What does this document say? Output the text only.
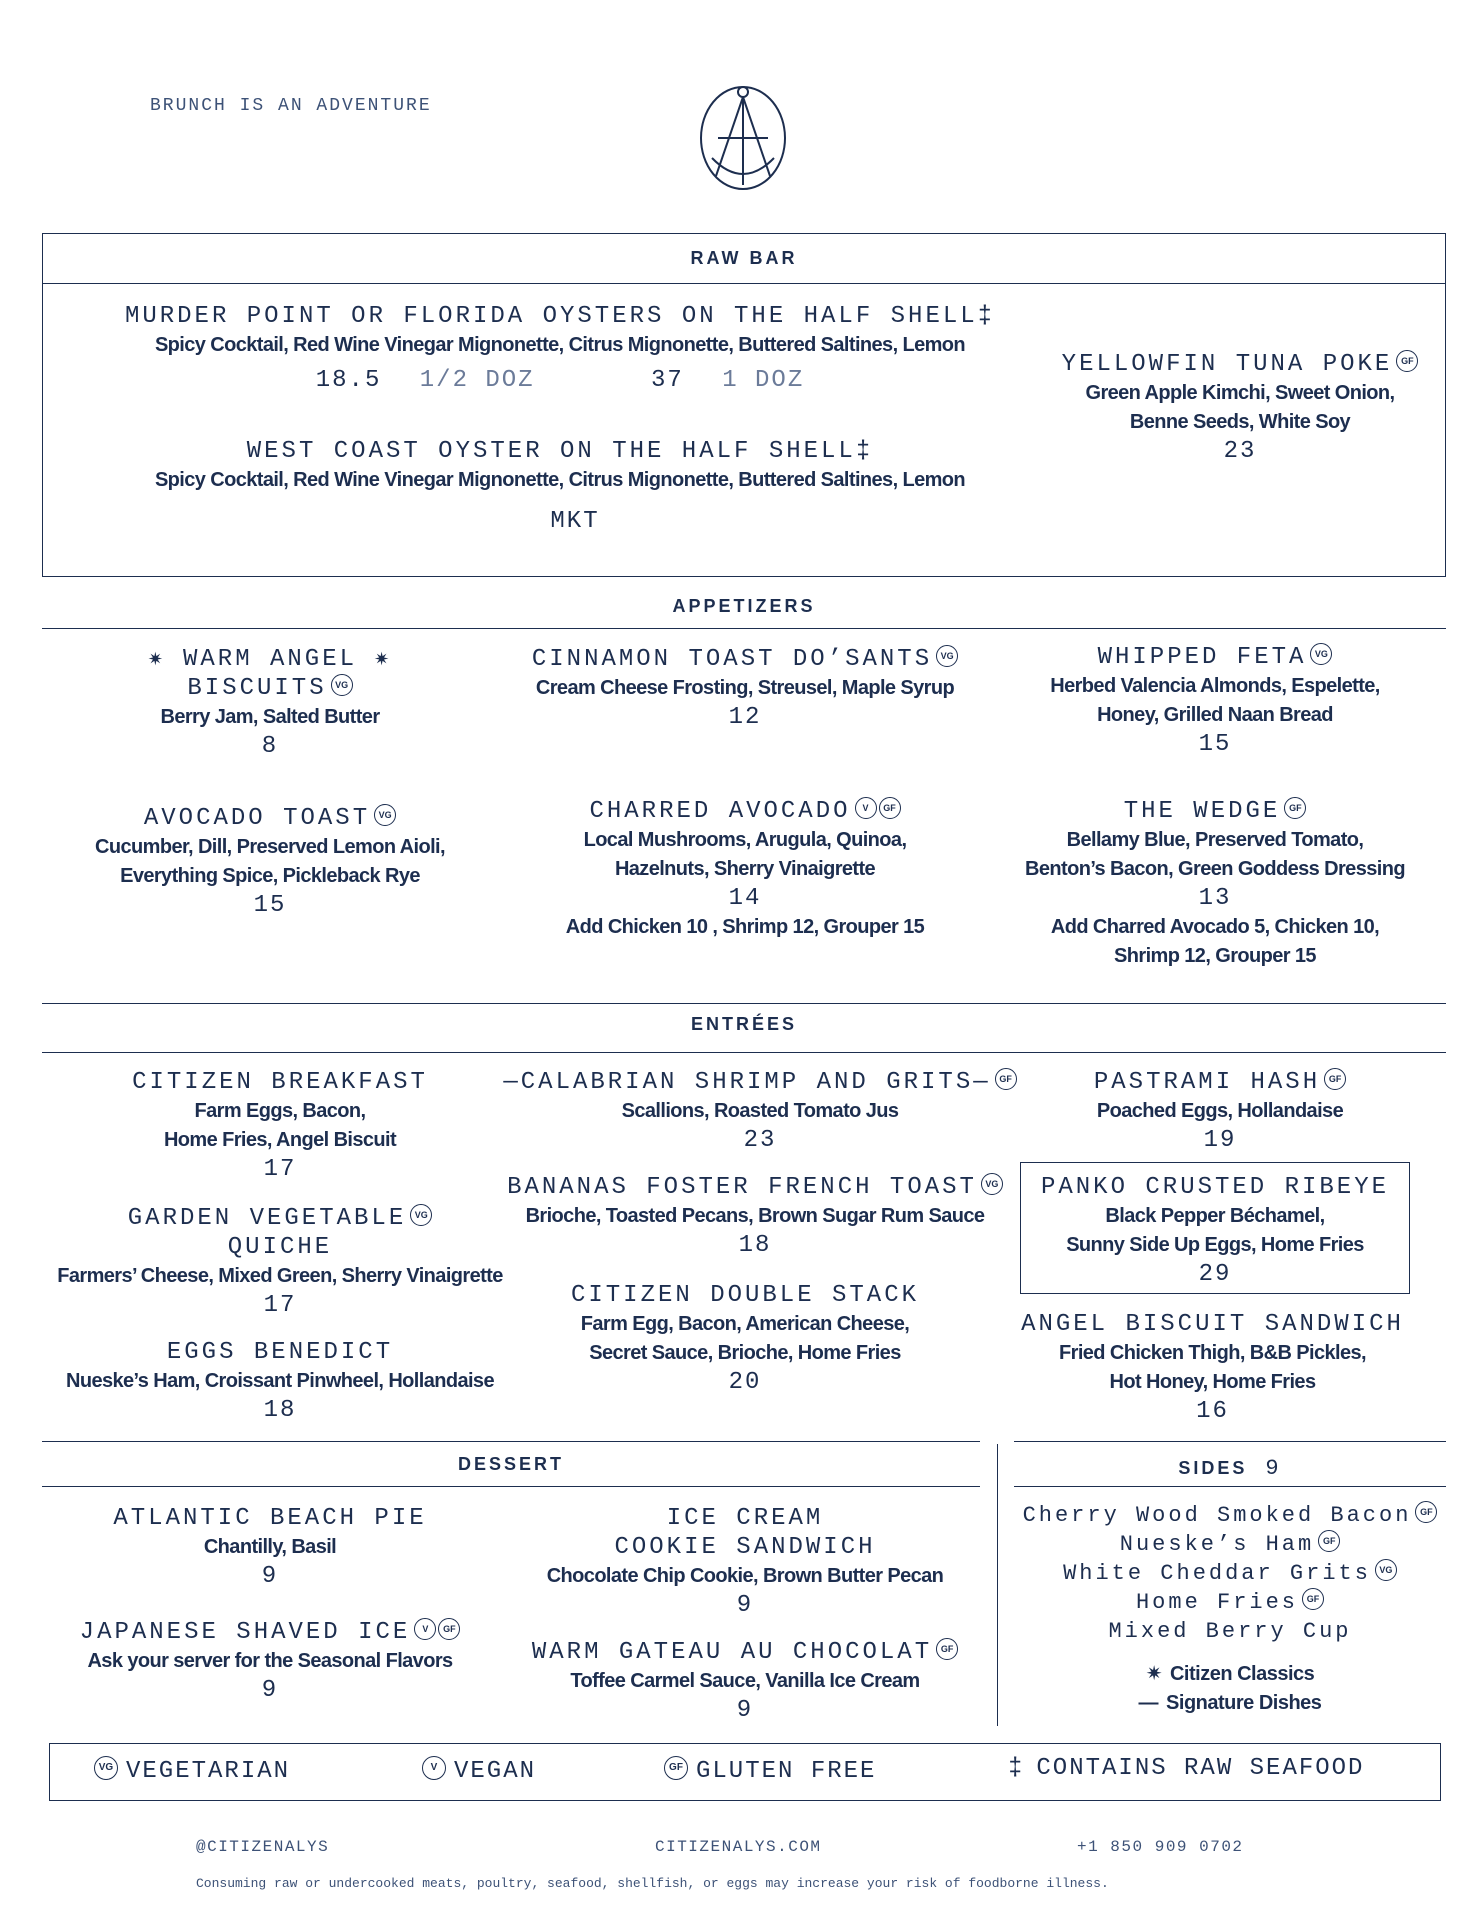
BRUNCH IS AN ADVENTURE
RAW BAR
MURDER POINT OR FLORIDA OYSTERS ON THE HALF SHELL‡
Spicy Cocktail, Red Wine Vinegar Mignonette, Citrus Mignonette, Buttered Saltines, Lemon
18.5 1/2 DOZ	37 1 DOZ
WEST COAST OYSTER ON THE HALF SHELL‡
Spicy Cocktail, Red Wine Vinegar Mignonette, Citrus Mignonette, Buttered Saltines, Lemon
MKT
YELLOWFIN TUNA POKE GF
Green Apple Kimchi, Sweet Onion,
Benne Seeds, White Soy
23
APPETIZERS
✷ WARM ANGEL ✷
BISCUITS VG
Berry Jam, Salted Butter
8
CINNAMON TOAST DO’SANTS VG
Cream Cheese Frosting, Streusel, Maple Syrup
12
WHIPPED FETA VG
Herbed Valencia Almonds, Espelette,
Honey, Grilled Naan Bread
15
AVOCADO TOAST VG
Cucumber, Dill, Preserved Lemon Aioli,
Everything Spice, Pickleback Rye
15
CHARRED AVOCADO V GF
Local Mushrooms, Arugula, Quinoa,
Hazelnuts, Sherry Vinaigrette
14
Add Chicken 10 , Shrimp 12, Grouper 15
THE WEDGE GF
Bellamy Blue, Preserved Tomato,
Benton’s Bacon, Green Goddess Dressing
13
Add Charred Avocado 5, Chicken 10,
Shrimp 12, Grouper 15
ENTRÉES
CITIZEN BREAKFAST
Farm Eggs, Bacon,
Home Fries, Angel Biscuit
17
GARDEN VEGETABLE VG
QUICHE
Farmers’ Cheese, Mixed Green, Sherry Vinaigrette
17
EGGS BENEDICT
Nueske’s Ham, Croissant Pinwheel, Hollandaise
18
—CALABRIAN SHRIMP AND GRITS— GF
Scallions, Roasted Tomato Jus
23
BANANAS FOSTER FRENCH TOAST VG
Brioche, Toasted Pecans, Brown Sugar Rum Sauce
18
CITIZEN DOUBLE STACK
Farm Egg, Bacon, American Cheese,
Secret Sauce, Brioche, Home Fries
20
PASTRAMI HASH GF
Poached Eggs, Hollandaise
19
PANKO CRUSTED RIBEYE
Black Pepper Béchamel,
Sunny Side Up Eggs, Home Fries
29
ANGEL BISCUIT SANDWICH
Fried Chicken Thigh, B&B Pickles,
Hot Honey, Home Fries
16
DESSERT
ATLANTIC BEACH PIE
Chantilly, Basil
9
JAPANESE SHAVED ICE V GF
Ask your server for the Seasonal Flavors
9
ICE CREAM
COOKIE SANDWICH
Chocolate Chip Cookie, Brown Butter Pecan
9
WARM GATEAU AU CHOCOLAT GF
Toffee Carmel Sauce, Vanilla Ice Cream
9
SIDES 9
Cherry Wood Smoked Bacon GF
Nueske’s Ham GF
White Cheddar Grits VG
Home Fries GF
Mixed Berry Cup
✷ Citizen Classics
— Signature Dishes
VG VEGETARIAN	V VEGAN	GF GLUTEN FREE	‡ CONTAINS RAW SEAFOOD
@CITIZENALYS	CITIZENALYS.COM	+1 850 909 0702
Consuming raw or undercooked meats, poultry, seafood, shellfish, or eggs may increase your risk of foodborne illness.
